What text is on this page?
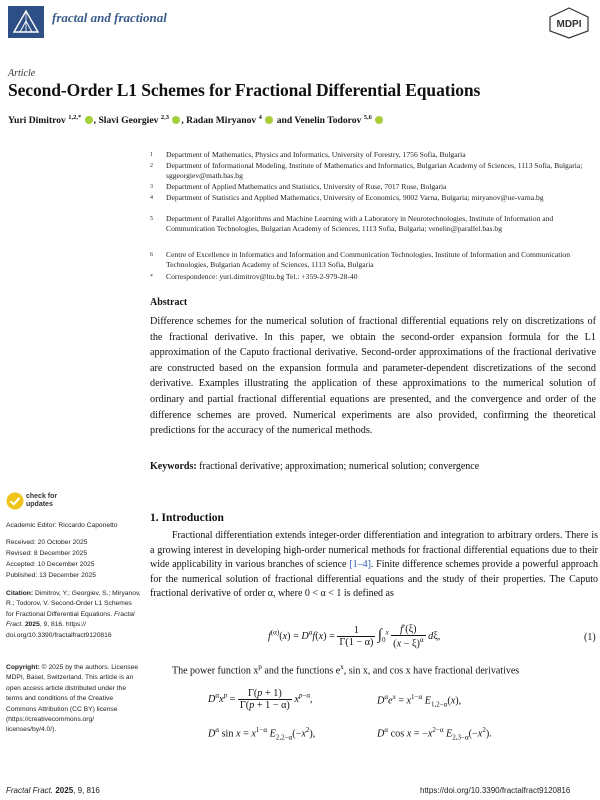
fractal and fractional	MDPI
Article
Second-Order L1 Schemes for Fractional Differential Equations
Yuri Dimitrov $^{1,2,*}$ , Slavi Georgiev $^{2,3}$ , Radan Miryanov $^4$ and Venelin Todorov $^{5,6}$
1 Department of Mathematics, Physics and Informatics, University of Forestry, 1756 Sofia, Bulgaria
2 Department of Informational Modeling, Institute of Mathematics and Informatics, Bulgarian Academy of Sciences, 1113 Sofia, Bulgaria; sggeorgiev@math.bas.bg
3 Department of Applied Mathematics and Statistics, University of Ruse, 7017 Ruse, Bulgaria
4 Department of Statistics and Applied Mathematics, University of Economics, 9002 Varna, Bulgaria; miryanov@ue-varna.bg
5 Department of Parallel Algorithms and Machine Learning with a Laboratory in Neurotechnologies, Institute of Information and Communication Technologies, Bulgarian Academy of Sciences, 1113 Sofia, Bulgaria; venelin@parallel.bas.bg
6 Centre of Excellence in Informatics and Information and Communication Technologies, Institute of Information and Communication Technologies, Bulgarian Academy of Sciences, 1113 Sofia, Bulgaria
* Correspondence: yuri.dimitrov@ltu.bg Tel.: +359-2-979-28-40
Abstract
Difference schemes for the numerical solution of fractional differential equations rely on discretizations of the fractional derivative. In this paper, we obtain the second-order expansion formula for the L1 approximation of the Caputo fractional derivative. Second-order approximations of the fractional derivative are constructed based on the expansion formula and parameter-dependent discretizations of the second derivative. Examples illustrating the application of these approximations to the numerical solution of ordinary and partial fractional differential equations are presented, and the convergence and order of the difference schemes are proved. Numerical experiments are also provided, confirming the theoretical predictions for the accuracy of the numerical methods.
Keywords: fractional derivative; approximation; numerical solution; convergence
check for
updates
Academic Editor: Riccardo Caponetto
Received: 20 October 2025
Revised: 8 December 2025
Accepted: 10 December 2025
Published: 13 December 2025
Citation: Dimitrov, Y.; Georgiev, S.; Miryanov, R.; Todorov, V. Second-Order L1 Schemes for Fractional Differential Equations. Fractal Fract. 2025, 9, 816. https:// doi.org/10.3390/fractalfract9120816
Copyright: © 2025 by the authors. Licensee MDPI, Basel, Switzerland. This article is an open access article distributed under the terms and conditions of the Creative Commons Attribution (CC BY) license (https://creativecommons.org/ licenses/by/4.0/).
1. Introduction
Fractional differentiation extends integer-order differentiation and integration to arbitrary orders. There is a growing interest in developing high-order numerical methods for fractional differential equations due to their wide applicability in various branches of science [1–4]. Finite difference schemes provide a powerful approach for the numerical solution of fractional differential equations and the study of their properties. The Caputo fractional derivative of order α, where 0 < α < 1 is defined as
$f^{(\alpha)}(x) = D^\alpha f(x) = \frac{1}{\Gamma(1 - \alpha)} \int_0^x \frac{f'(\xi)}{(x - \xi)^\alpha} d\xi$,	(1)
The power function $x^p$ and the functions $e^x$, sin x, and cos x have fractional derivatives
$D^\alpha x^p = \frac{\Gamma(p + 1)}{\Gamma(p + 1 - \alpha)} x^{p-\alpha}$,	$D^\alpha e^x = x^{1-\alpha}$ $E_{1,2-\alpha}(x)$,
$D^\alpha$ $\sin x = x^{1-\alpha}$ $E_{2,2-\alpha}(-x^2)$,	$D^\alpha$ $\cos x = -x^{2-\alpha}$ $E_{2,3-\alpha}(-x^2)$.
Fractal Fract. 2025, 9, 816	https://doi.org/10.3390/fractalfract9120816
